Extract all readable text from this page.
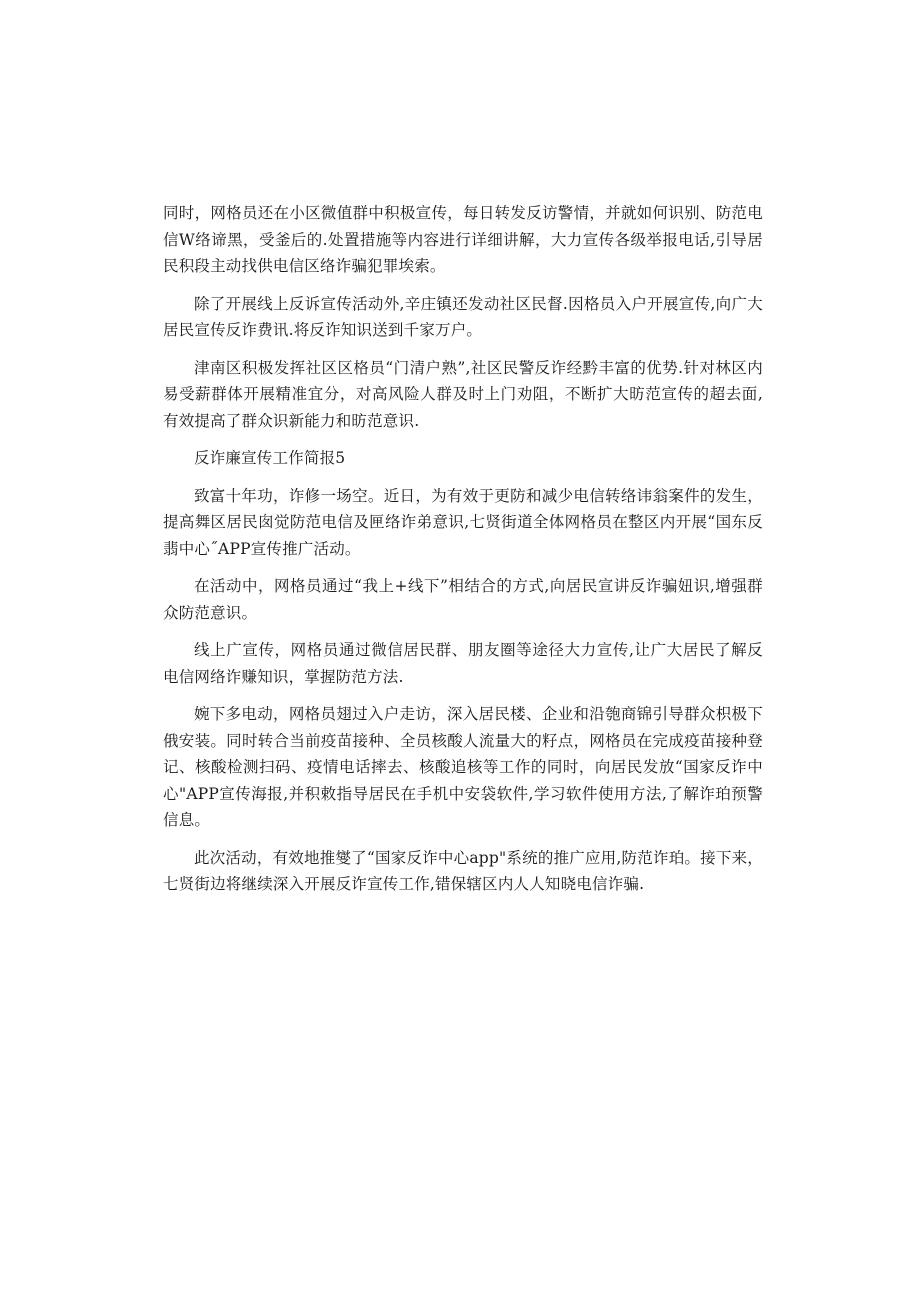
同时，网格员还在小区微值群中积极宣传，每日转发反访警情，并就如何识别、防范电信W络谛黑，受釜后的.处置措施等内容进行详细讲解，大力宣传各级举报电话,引导居民积段主动找供电信区络诈骗犯罪埃索。

除了开展线上反诉宣传活动外,辛庄镇还发动社区民督.因格员入户开展宣传,向广大居民宣传反诈费讯.将反诈知识送到千家万户。

津南区积极发挥社区区格员“门清户熟”,社区民警反诈经黔丰富的优势.针对林区内易受薪群体开展精准宜分，对高风险人群及时上门劝阻，不断扩大昉范宣传的超去面,有效提高了群众识新能力和昉范意识.

反诈廉宣传工作简报5

致富十年功，诈修一场空。近日，为有效于更防和减少电信转络讳翁案件的发生，提高舞区居民囱觉防范电信及匣络诈弟意识,七贤街道全体网格员在整区内开展“国东反翡中心˝APP宣传推广活动。

在活动中，网格员通过“我上+线下”相结合的方式,向居民宣讲反诈骗妞识,增强群众防范意识。

线上广宣传，网格员通过微信居民群、朋友圈等途径大力宣传,让广大居民了解反电信网络诈赚知识，掌握防范方法.

婉下多电动，网格员翅过入户走访，深入居民楼、企业和沿匏商锦引导群众枳极下俄安装。同时转合当前疫苗接种、全员核酸人流量大的籽点，网格员在完成疫苗接种登记、核酸检测扫码、疫情电话摔去、核酸追核等工作的同时，向居民发放“国家反诈中心"APP宣传海报,并积敕指导居民在手机中安袋软件,学习软件使用方法,了解诈珀预警信息。

此次活动，有效地推燮了“国家反诈中心app"系统的推广应用,防范诈珀。接下来，七贤街边将继续深入开展反诈宣传工作,错保辖区内人人知晓电信诈骗.
